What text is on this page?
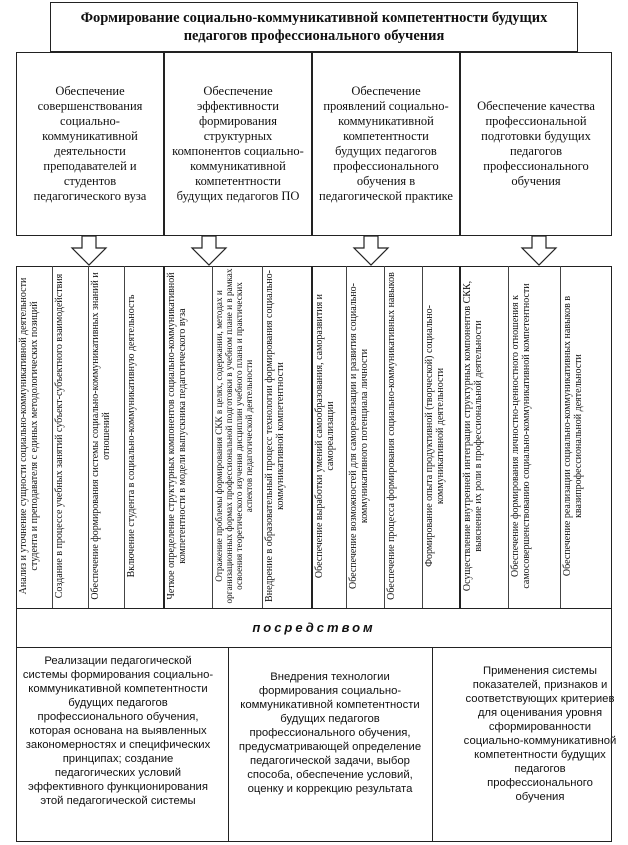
Формирование социально-коммуникативной компетентности будущих педагогов профессионального обучения
Обеспечение совершенствования социально-коммуникативной деятельности преподавателей и студентов педагогического вуза
Обеспечение эффективности формирования структурных компонентов социально-коммуникативной компетентности будущих педагогов ПО
Обеспечение проявлений социально-коммуникативной компетентности будущих педагогов профессионального обучения в педагогической практике
Обеспечение качества профессиональной подготовки будущих педагогов профессионального обучения
Анализ и уточнение сущности социально-коммуникативной деятельности студента и преподавателя с единых методологических позиций	Создание в процессе учебных занятий субъект-субъектного взаимодействия	Обеспечение формирования системы социально-коммуникативных знаний и отношений	Включение студента в социально-коммуникативную деятельность	Четкое определение структурных компонентов социально-коммуникативной компетентности в модели выпускника педагогического вуза	Отражение проблемы формирования СКК в целях, содержании, методах и организационных формах профессиональной подготовки в учебном плане и в рамках освоения теоретического изучения дисциплин учебного плана и практических аспектов педагогической деятельности	Внедрение в образовательный процесс технологии формирования социально-коммуникативной компетентности	Обеспечение выработки умений самообразования, саморазвития и самореализации	Обеспечение возможностей для самореализации и развития социально-коммуникативного потенциала личности	Обеспечение процесса формирования социально-коммуникативных навыков	Формирование опыта продуктивной (творческой) социально-коммуникативной деятельности	Осуществление внутренней интеграции структурных компонентов СКК, выяснение их роли в профессиональной деятельности	Обеспечение формирования личностно-ценностного отношения к самосовершенствованию социально-коммуникативной компетентности	Обеспечение реализации социально-коммуникативных навыков в квазипрофессиональной деятельности
посредством
Реализации педагогической системы формирования социально-коммуникативной компетентности будущих педагогов профессионального обучения, которая основана на выявленных закономерностях и специфических принципах; создание педагогических условий эффективного функционирования этой педагогической системы
Внедрения технологии формирования социально-коммуникативной компетентности будущих педагогов профессионального обучения, предусматривающей определение педагогической задачи, выбор способа, обеспечение условий, оценку и коррекцию результата
Применения системы показателей, признаков и соответствующих критериев для оценивания уровня сформированности социально-коммуникативной компетентности будущих педагогов профессионального обучения
